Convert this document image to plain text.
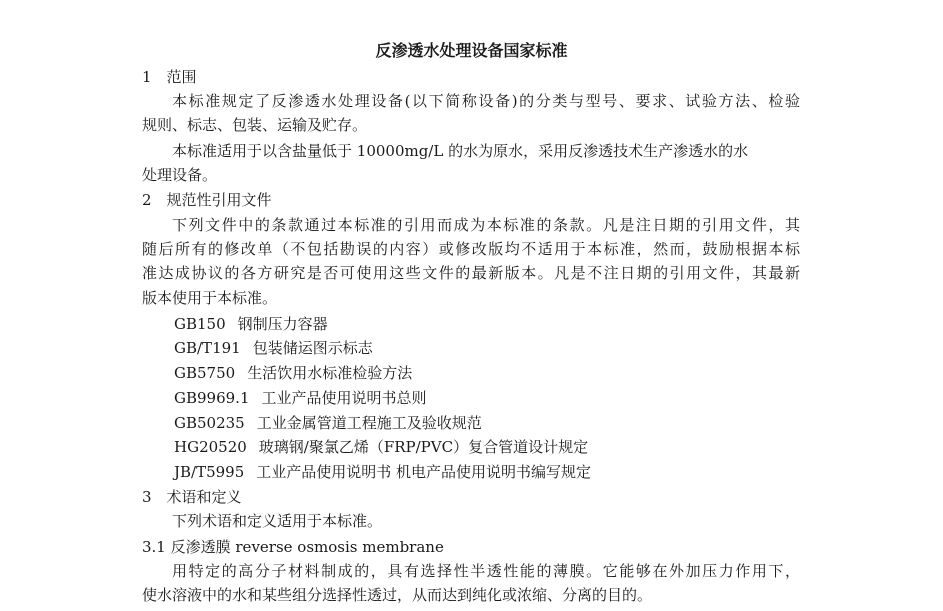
反渗透水处理设备国家标准
1　范围
本标准规定了反渗透水处理设备(以下简称设备)的分类与型号、要求、试验方法、检验
规则、标志、包装、运输及贮存。
本标准适用于以含盐量低于 10000mg/L 的水为原水，采用反渗透技术生产渗透水的水
处理设备。
2　规范性引用文件
下列文件中的条款通过本标准的引用而成为本标准的条款。凡是注日期的引用文件，其
随后所有的修改单（不包括勘误的内容）或修改版均不适用于本标准，然而，鼓励根据本标
准达成协议的各方研究是否可使用这些文件的最新版本。凡是不注日期的引用文件，其最新
版本使用于本标准。
GB150 钢制压力容器
GB/T191 包装储运图示标志
GB5750 生活饮用水标准检验方法
GB9969.1 工业产品使用说明书总则
GB50235 工业金属管道工程施工及验收规范
HG20520 玻璃钢/聚氯乙烯（FRP/PVC）复合管道设计规定
JB/T5995 工业产品使用说明书 机电产品使用说明书编写规定
3　术语和定义
下列术语和定义适用于本标准。
3.1 反渗透膜 reverse osmosis membrane
用特定的高分子材料制成的，具有选择性半透性能的薄膜。它能够在外加压力作用下，
使水溶液中的水和某些组分选择性透过，从而达到纯化或浓缩、分离的目的。
